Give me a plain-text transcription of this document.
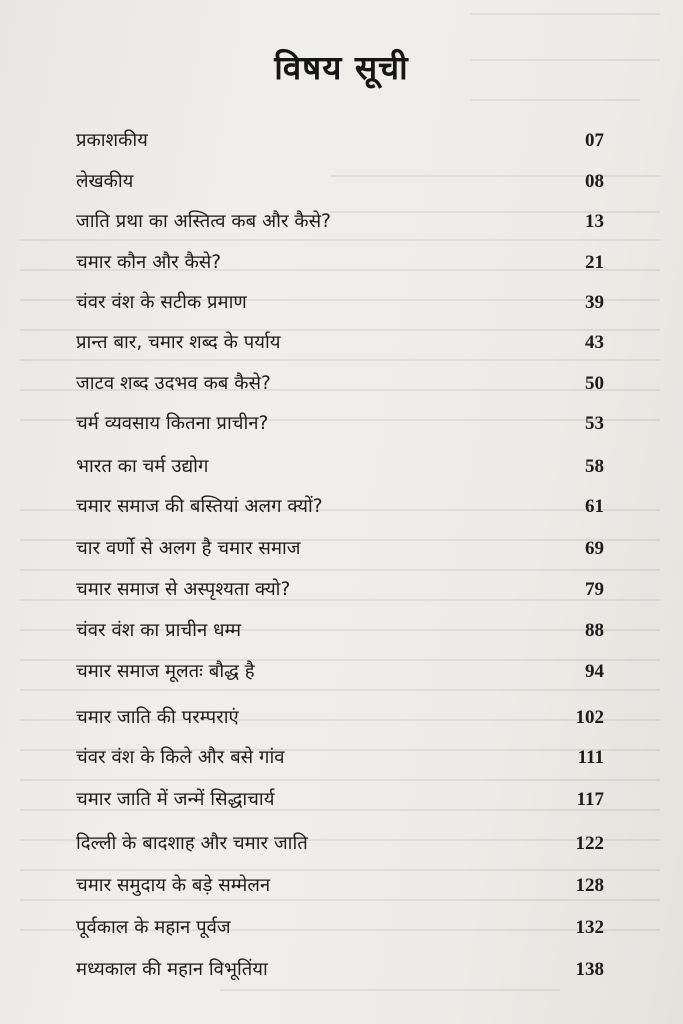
विषय सूची
प्रकाशकीय	07
लेखकीय	08
जाति प्रथा का अस्तित्व कब और कैसे?	13
चमार कौन और कैसे?	21
चंवर वंश के सटीक प्रमाण	39
प्रान्त बार, चमार शब्द के पर्याय	43
जाटव शब्द उदभव कब कैसे?	50
चर्म व्यवसाय कितना प्राचीन?	53
भारत का चर्म उद्योग	58
चमार समाज की बस्तियां अलग क्यों?	61
चार वर्णो से अलग है चमार समाज	69
चमार समाज से अस्पृश्यता क्यो?	79
चंवर वंश का प्राचीन धम्म	88
चमार समाज मूलतः बौद्ध है	94
चमार जाति की परम्पराएं	102
चंवर वंश के किले और बसे गांव	111
चमार जाति में जन्में सिद्धाचार्य	117
दिल्ली के बादशाह और चमार जाति	122
चमार समुदाय के बड़े सम्मेलन	128
पूर्वकाल के महान पूर्वज	132
मध्यकाल की महान विभूतिंया	138
